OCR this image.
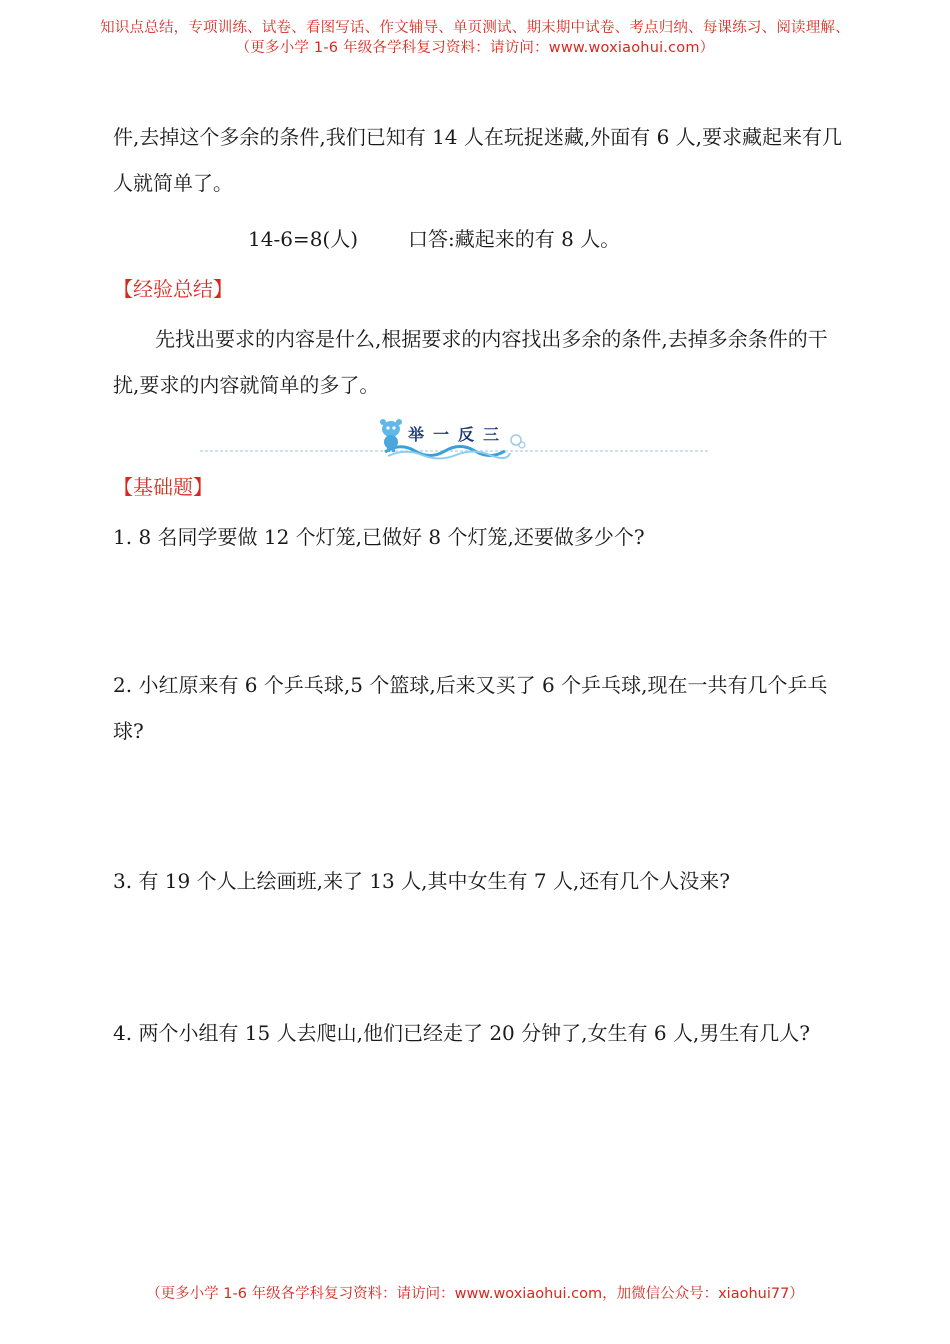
知识点总结，专项训练、试卷、看图写话、作文辅导、单页测试、期末期中试卷、考点归纳、每课练习、阅读理解、
（更多小学 1-6 年级各学科复习资料：请访问：www.woxiaohui.com）

件,去掉这个多余的条件,我们已知有 14 人在玩捉迷藏,外面有 6 人,要求藏起来有几人就简单了。

14-6=8(人)	口答:藏起来的有 8 人。
【经验总结】

先找出要求的内容是什么,根据要求的内容找出多余的条件,去掉多余条件的干扰,要求的内容就简单的多了。

举一反三
【基础题】

1. 8 名同学要做 12 个灯笼,已做好 8 个灯笼,还要做多少个?

2. 小红原来有 6 个乒乓球,5 个篮球,后来又买了 6 个乒乓球,现在一共有几个乒乓球?

3. 有 19 个人上绘画班,来了 13 人,其中女生有 7 人,还有几个人没来?

4. 两个小组有 15 人去爬山,他们已经走了 20 分钟了,女生有 6 人,男生有几人?

（更多小学 1-6 年级各学科复习资料：请访问：www.woxiaohui.com，加微信公众号：xiaohui77）
